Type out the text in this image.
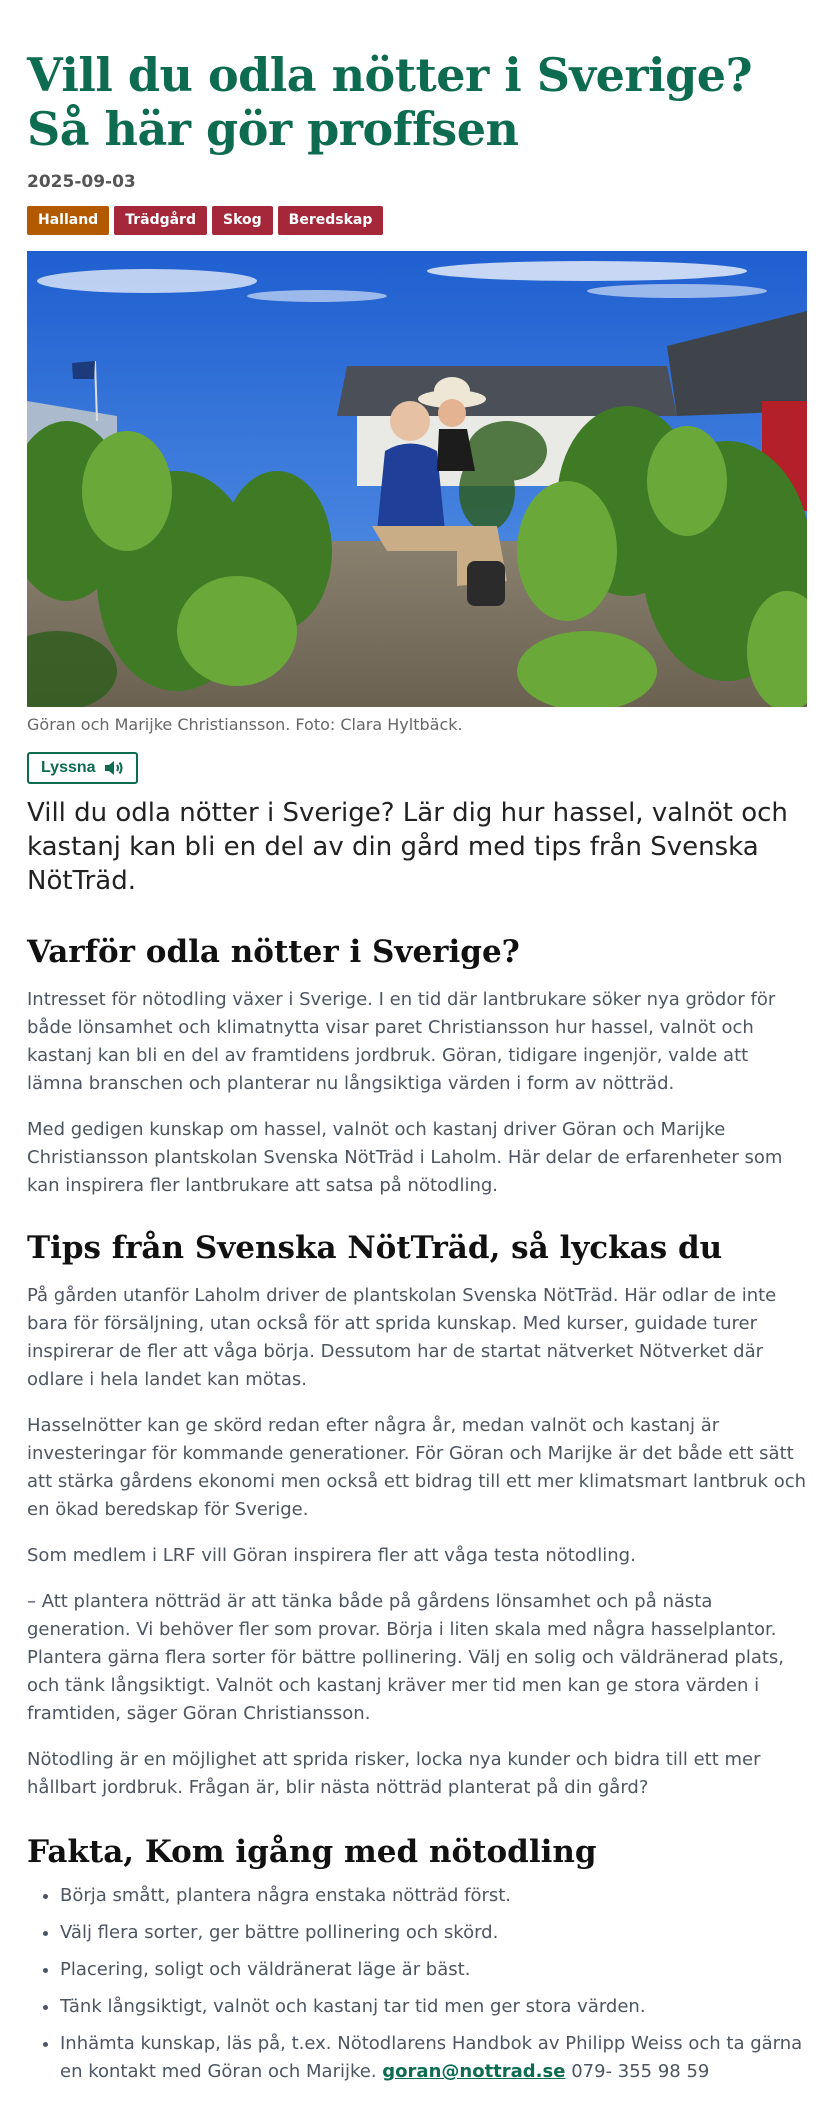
Vill du odla nötter i Sverige? Så här gör proffsen
2025-09-03
Halland	Trädgård	Skog	Beredskap
Göran och Marijke Christiansson. Foto: Clara Hyltbäck.
Lyssna
Vill du odla nötter i Sverige? Lär dig hur hassel, valnöt och kastanj kan bli en del av din gård med tips från Svenska NötTräd.
Varför odla nötter i Sverige?

Intresset för nötodling växer i Sverige. I en tid där lantbrukare söker nya grödor för både lönsamhet och klimatnytta visar paret Christiansson hur hassel, valnöt och kastanj kan bli en del av framtidens jordbruk. Göran, tidigare ingenjör, valde att lämna branschen och planterar nu långsiktiga värden i form av nötträd.

Med gedigen kunskap om hassel, valnöt och kastanj driver Göran och Marijke Christiansson plantskolan Svenska NötTräd i Laholm. Här delar de erfarenheter som kan inspirera fler lantbrukare att satsa på nötodling.

Tips från Svenska NötTräd, så lyckas du

På gården utanför Laholm driver de plantskolan Svenska NötTräd. Här odlar de inte bara för försäljning, utan också för att sprida kunskap. Med kurser, guidade turer inspirerar de fler att våga börja. Dessutom har de startat nätverket Nötverket där odlare i hela landet kan mötas.

Hasselnötter kan ge skörd redan efter några år, medan valnöt och kastanj är investeringar för kommande generationer. För Göran och Marijke är det både ett sätt att stärka gårdens ekonomi men också ett bidrag till ett mer klimatsmart lantbruk och en ökad beredskap för Sverige.

Som medlem i LRF vill Göran inspirera fler att våga testa nötodling.

– Att plantera nötträd är att tänka både på gårdens lönsamhet och på nästa generation. Vi behöver fler som provar. Börja i liten skala med några hasselplantor. Plantera gärna flera sorter för bättre pollinering. Välj en solig och väldränerad plats, och tänk långsiktigt. Valnöt och kastanj kräver mer tid men kan ge stora värden i framtiden, säger Göran Christiansson.

Nötodling är en möjlighet att sprida risker, locka nya kunder och bidra till ett mer hållbart jordbruk. Frågan är, blir nästa nötträd planterat på din gård?

Fakta, Kom igång med nötodling
• Börja smått, plantera några enstaka nötträd först.
• Välj flera sorter, ger bättre pollinering och skörd.
• Placering, soligt och väldränerat läge är bäst.
• Tänk långsiktigt, valnöt och kastanj tar tid men ger stora värden.
• Inhämta kunskap, läs på, t.ex. Nötodlarens Handbok av Philipp Weiss och ta gärna en kontakt med Göran och Marijke. goran@nottrad.se 079- 355 98 59
